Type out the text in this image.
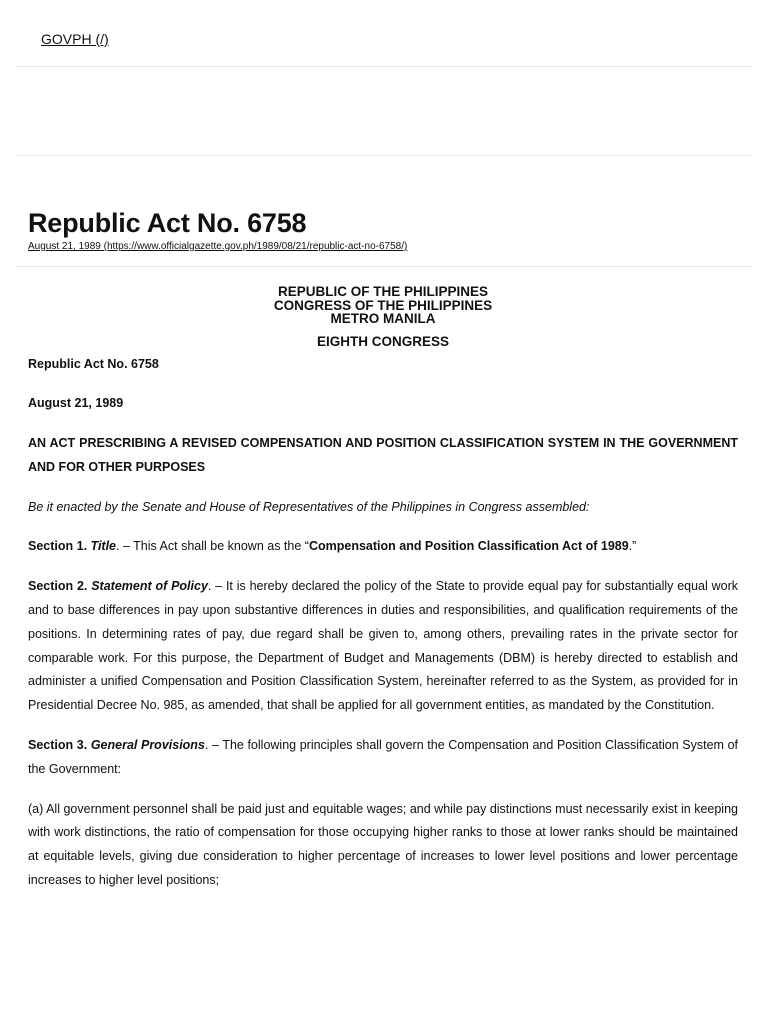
GOVPH (/)
Republic Act No. 6758
August 21, 1989 (https://www.officialgazette.gov.ph/1989/08/21/republic-act-no-6758/)
REPUBLIC OF THE PHILIPPINES
CONGRESS OF THE PHILIPPINES
METRO MANILA
EIGHTH CONGRESS

Republic Act No. 6758

August 21, 1989

AN ACT PRESCRIBING A REVISED COMPENSATION AND POSITION CLASSIFICATION SYSTEM IN THE GOVERNMENT AND FOR OTHER PURPOSES

Be it enacted by the Senate and House of Representatives of the Philippines in Congress assembled:

Section 1. Title. – This Act shall be known as the “Compensation and Position Classification Act of 1989.”

Section 2. Statement of Policy. – It is hereby declared the policy of the State to provide equal pay for substantially equal work and to base differences in pay upon substantive differences in duties and responsibilities, and qualification requirements of the positions. In determining rates of pay, due regard shall be given to, among others, prevailing rates in the private sector for comparable work. For this purpose, the Department of Budget and Managements (DBM) is hereby directed to establish and administer a unified Compensation and Position Classification System, hereinafter referred to as the System, as provided for in Presidential Decree No. 985, as amended, that shall be applied for all government entities, as mandated by the Constitution.

Section 3. General Provisions. – The following principles shall govern the Compensation and Position Classification System of the Government:

(a) All government personnel shall be paid just and equitable wages; and while pay distinctions must necessarily exist in keeping with work distinctions, the ratio of compensation for those occupying higher ranks to those at lower ranks should be maintained at equitable levels, giving due consideration to higher percentage of increases to lower level positions and lower percentage increases to higher level positions;
